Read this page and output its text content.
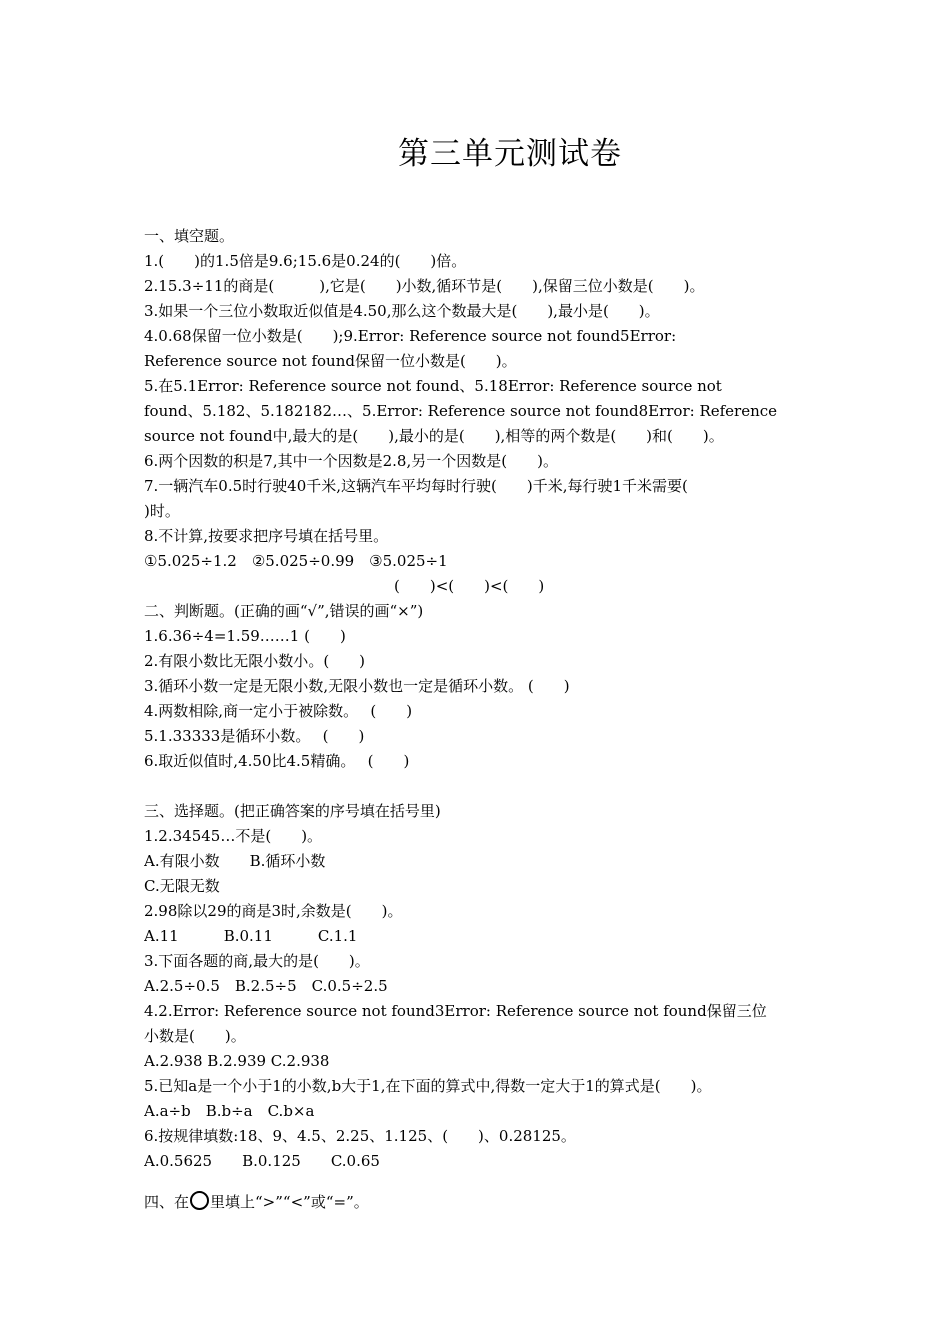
第三单元测试卷
一、填空题。
1.(　　)的1.5倍是9.6;15.6是0.24的(　　)倍。
2.15.3÷11的商是(　　　),它是(　　)小数,循环节是(　　),保留三位小数是(　　)。
3.如果一个三位小数取近似值是4.50,那么这个数最大是(　　),最小是(　　)。
4.0.68保留一位小数是(　　);9.Error: Reference source not found5Error:
Reference source not found保留一位小数是(　　)。
5.在5.1Error: Reference source not found、5.18Error: Reference source not
found、5.182、5.182182…、5.Error: Reference source not found8Error: Reference
source not found中,最大的是(　　),最小的是(　　),相等的两个数是(　　)和(　　)。
6.两个因数的积是7,其中一个因数是2.8,另一个因数是(　　)。
7.一辆汽车0.5时行驶40千米,这辆汽车平均每时行驶(　　)千米,每行驶1千米需要(
)时。
8.不计算,按要求把序号填在括号里。
①5.025÷1.2　②5.025÷0.99　③5.025÷1
(　　)<(　　)<(　　)
二、判断题。(正确的画“√”,错误的画“×”)
1.6.36÷4=1.59……1 (　　)
2.有限小数比无限小数小。(　　)
3.循环小数一定是无限小数,无限小数也一定是循环小数。 (　　)
4.两数相除,商一定小于被除数。　 (　　)
5.1.33333是循环小数。　 (　　)
6.取近似值时,4.50比4.5精确。　 (　　)
三、选择题。(把正确答案的序号填在括号里)
1.2.34545…不是(　　)。
A.有限小数　　B.循环小数
C.无限无数
2.98除以29的商是3时,余数是(　　)。
A.11　　　B.0.11　　　C.1.1
3.下面各题的商,最大的是(　　)。
A.2.5÷0.5　B.2.5÷5　C.0.5÷2.5
4.2.Error: Reference source not found3Error: Reference source not found保留三位
小数是(　　)。
A.2.938 B.2.939 C.2.938
5.已知a是一个小于1的小数,b大于1,在下面的算式中,得数一定大于1的算式是(　　)。
A.a÷b　B.b÷a　C.b×a
6.按规律填数:18、9、4.5、2.25、1.125、(　　)、0.28125。
A.0.5625　　B.0.125　　C.0.65
四、在 里填上“>”“<”或“=”。
